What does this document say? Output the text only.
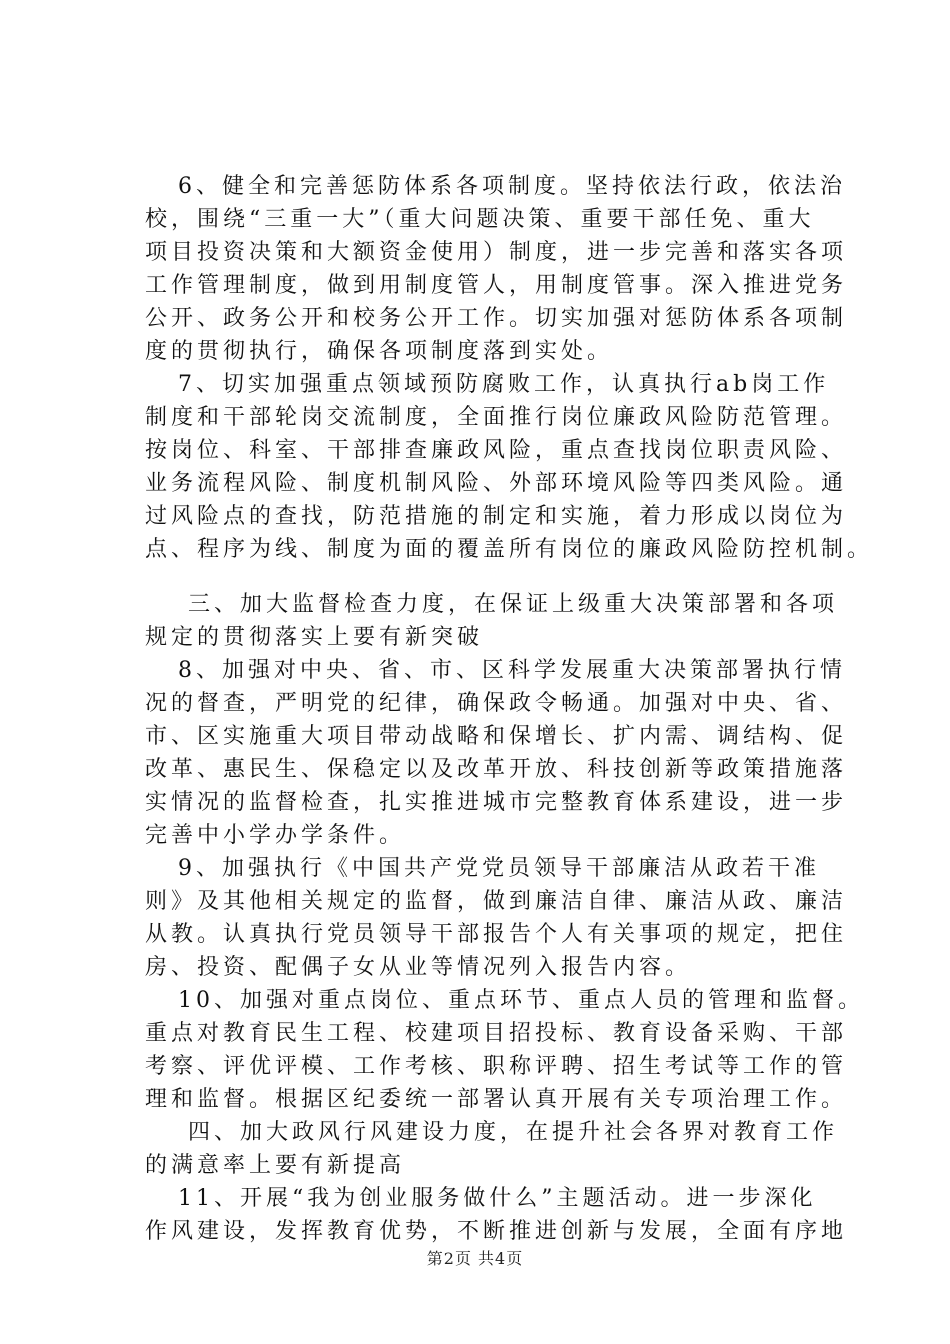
6、健全和完善惩防体系各项制度。坚持依法行政，依法治
校，围绕“三重一大”（重大问题决策、重要干部任免、重大
项目投资决策和大额资金使用）制度，进一步完善和落实各项
工作管理制度，做到用制度管人，用制度管事。深入推进党务
公开、政务公开和校务公开工作。切实加强对惩防体系各项制
度的贯彻执行，确保各项制度落到实处。
7、切实加强重点领域预防腐败工作，认真执行ab岗工作
制度和干部轮岗交流制度，全面推行岗位廉政风险防范管理。
按岗位、科室、干部排查廉政风险，重点查找岗位职责风险、
业务流程风险、制度机制风险、外部环境风险等四类风险。通
过风险点的查找，防范措施的制定和实施，着力形成以岗位为
点、程序为线、制度为面的覆盖所有岗位的廉政风险防控机制。
三、加大监督检查力度，在保证上级重大决策部署和各项
规定的贯彻落实上要有新突破
8、加强对中央、省、市、区科学发展重大决策部署执行情
况的督查，严明党的纪律，确保政令畅通。加强对中央、省、
市、区实施重大项目带动战略和保增长、扩内需、调结构、促
改革、惠民生、保稳定以及改革开放、科技创新等政策措施落
实情况的监督检查，扎实推进城市完整教育体系建设，进一步
完善中小学办学条件。
9、加强执行《中国共产党党员领导干部廉洁从政若干准
则》及其他相关规定的监督，做到廉洁自律、廉洁从政、廉洁
从教。认真执行党员领导干部报告个人有关事项的规定，把住
房、投资、配偶子女从业等情况列入报告内容。
10、加强对重点岗位、重点环节、重点人员的管理和监督。
重点对教育民生工程、校建项目招投标、教育设备采购、干部
考察、评优评模、工作考核、职称评聘、招生考试等工作的管
理和监督。根据区纪委统一部署认真开展有关专项治理工作。
四、加大政风行风建设力度，在提升社会各界对教育工作
的满意率上要有新提高
11、开展“我为创业服务做什么”主题活动。进一步深化
第2页 共4页
作风建设，发挥教育优势，不断推进创新与发展，全面有序地
